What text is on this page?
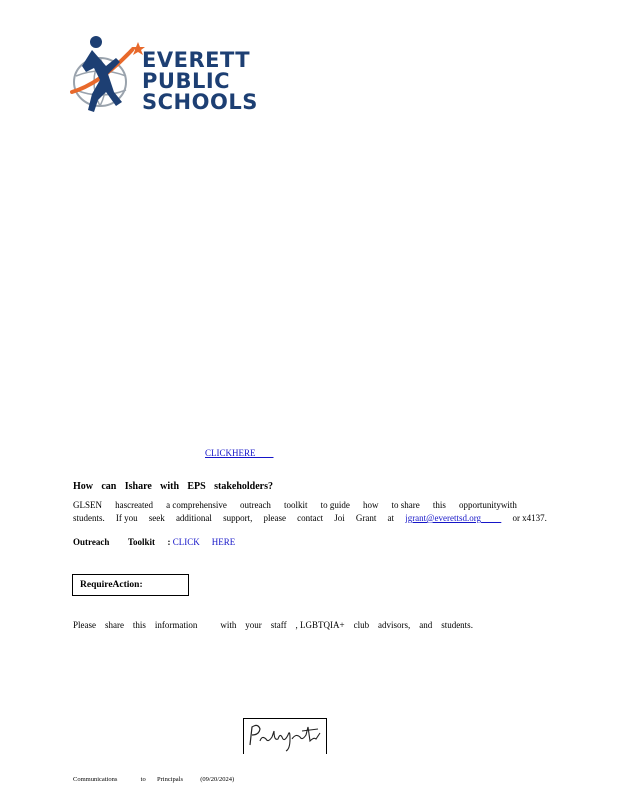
EVERETT
PUBLIC
SCHOOLS
CLICKHERE
How can Ishare with EPS stakeholders?
GLSEN hascreated a comprehensive outreach toolkit to guide how to share this opportunitywith
students. If you seek additional support, please contact Joi Grant at jgrant@everettsd.org	or x4137.
Outreach Toolkit : CLICK HERE
RequireAction:
Please share this information	with your staff , LGBTQIA+ club advisors, and students.
Communications	to Principals	(09/20/2024)
